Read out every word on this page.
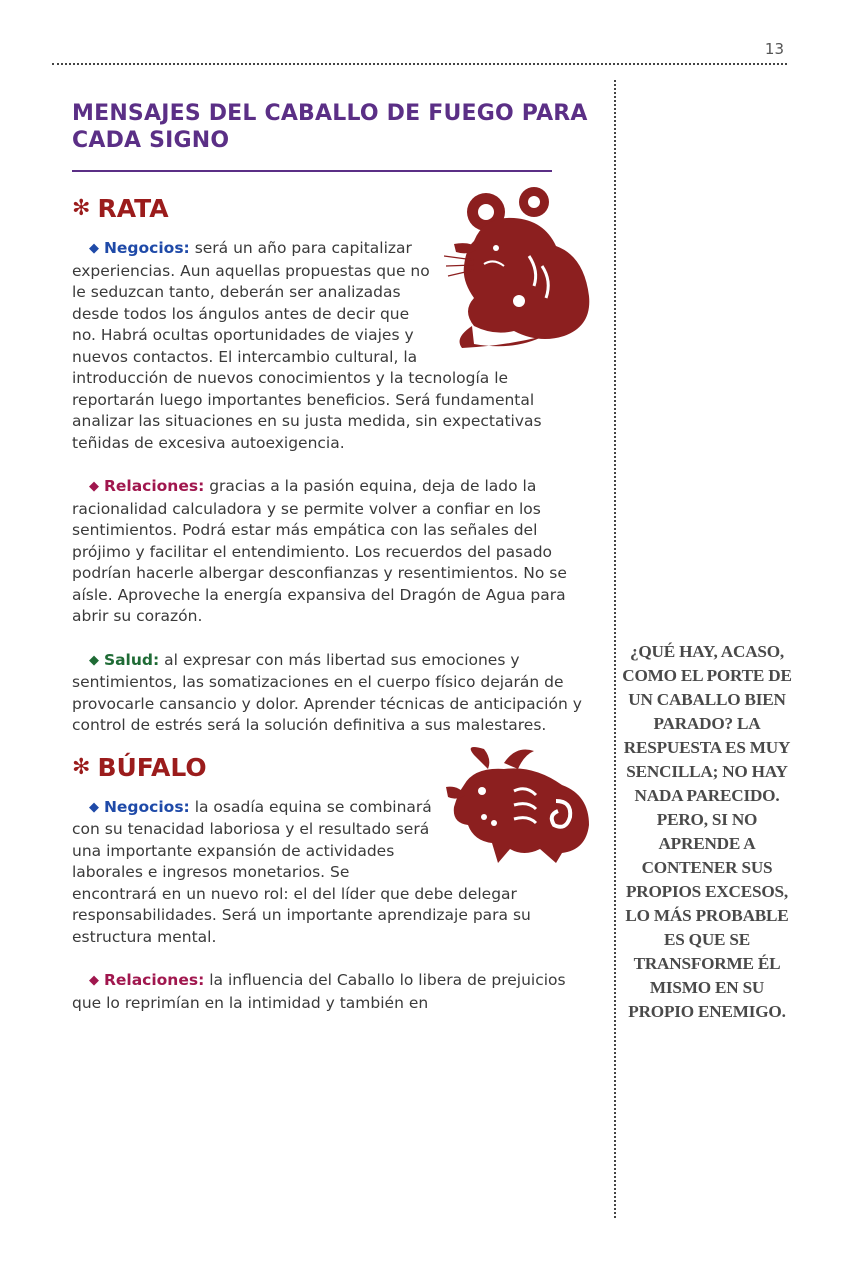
13
MENSAJES DEL CABALLO DE FUEGO PARA CADA SIGNO
✻ RATA

◆ Negocios: será un año para capitalizar experiencias. Aun aquellas propuestas que no le seduzcan tanto, deberán ser analizadas desde todos los ángulos antes de decir que no. Habrá ocultas oportunidades de viajes y nuevos contactos. El intercambio cultural, la introducción de nuevos conocimientos y la tecnología le reportarán luego importantes beneficios. Será fundamental analizar las situaciones en su justa medida, sin expectativas teñidas de excesiva autoexigencia.

◆ Relaciones: gracias a la pasión equina, deja de lado la racionalidad calculadora y se permite volver a confiar en los sentimientos. Podrá estar más empática con las señales del prójimo y facilitar el entendimiento. Los recuerdos del pasado podrían hacerle albergar desconfianzas y resentimientos. No se aísle. Aproveche la energía expansiva del Dragón de Agua para abrir su corazón.

◆ Salud: al expresar con más libertad sus emociones y sentimientos, las somatizaciones en el cuerpo físico dejarán de provocarle cansancio y dolor. Aprender técnicas de anticipación y control de estrés será la solución definitiva a sus malestares.

✻ BÚFALO

◆ Negocios: la osadía equina se combinará con su tenacidad laboriosa y el resultado será una importante expansión de actividades laborales e ingresos monetarios. Se encontrará en un nuevo rol: el del líder que debe delegar responsabilidades. Será un importante aprendizaje para su estructura mental.

◆ Relaciones: la influencia del Caballo lo libera de prejuicios que lo reprimían en la intimidad y también en

¿QUÉ HAY, ACASO, COMO EL PORTE DE UN CABALLO BIEN PARADO? LA RESPUESTA ES MUY SENCILLA; NO HAY NADA PARECIDO. PERO, SI NO APRENDE A CONTENER SUS PROPIOS EXCESOS, LO MÁS PROBABLE ES QUE SE TRANSFORME ÉL MISMO EN SU PROPIO ENEMIGO.
